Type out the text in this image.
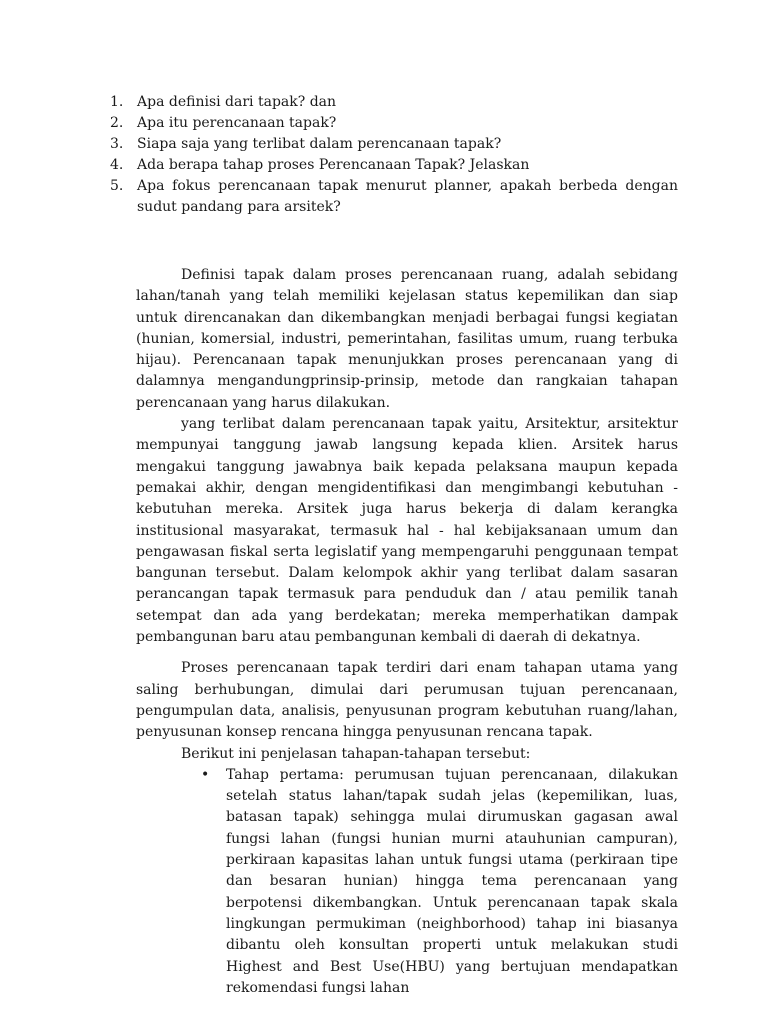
1. Apa definisi dari tapak? dan
2. Apa itu perencanaan tapak?
3. Siapa saja yang terlibat dalam perencanaan tapak?
4. Ada berapa tahap proses Perencanaan Tapak? Jelaskan
5. Apa fokus perencanaan tapak menurut planner, apakah berbeda dengan sudut pandang para arsitek?

Definisi tapak dalam proses perencanaan ruang, adalah sebidang lahan/tanah yang telah memiliki kejelasan status kepemilikan dan siap untuk direncanakan dan dikembangkan menjadi berbagai fungsi kegiatan (hunian, komersial, industri, pemerintahan, fasilitas umum, ruang terbuka hijau). Perencanaan tapak menunjukkan proses perencanaan yang di dalamnya mengandungprinsip-prinsip, metode dan rangkaian tahapan perencanaan yang harus dilakukan.

yang terlibat dalam perencanaan tapak yaitu, Arsitektur, arsitektur mempunyai tanggung jawab langsung kepada klien. Arsitek harus mengakui tanggung jawabnya baik kepada pelaksana maupun kepada pemakai akhir, dengan mengidentifikasi dan mengimbangi kebutuhan - kebutuhan mereka. Arsitek juga harus bekerja di dalam kerangka institusional masyarakat, termasuk hal - hal kebijaksanaan umum dan pengawasan fiskal serta legislatif yang mempengaruhi penggunaan tempat bangunan tersebut. Dalam kelompok akhir yang terlibat dalam sasaran perancangan tapak termasuk para penduduk dan / atau pemilik tanah setempat dan ada yang berdekatan; mereka memperhatikan dampak pembangunan baru atau pembangunan kembali di daerah di dekatnya.

Proses perencanaan tapak terdiri dari enam tahapan utama yang saling berhubungan, dimulai dari perumusan tujuan perencanaan, pengumpulan data, analisis, penyusunan program kebutuhan ruang/lahan, penyusunan konsep rencana hingga penyusunan rencana tapak.

Berikut ini penjelasan tahapan-tahapan tersebut:

• Tahap pertama: perumusan tujuan perencanaan, dilakukan setelah status lahan/tapak sudah jelas (kepemilikan, luas, batasan tapak) sehingga mulai dirumuskan gagasan awal fungsi lahan (fungsi hunian murni atauhunian campuran), perkiraan kapasitas lahan untuk fungsi utama (perkiraan tipe dan besaran hunian) hingga tema perencanaan yang berpotensi dikembangkan. Untuk perencanaan tapak skala lingkungan permukiman (neighborhood) tahap ini biasanya dibantu oleh konsultan properti untuk melakukan studi Highest and Best Use(HBU) yang bertujuan mendapatkan rekomendasi fungsi lahan
